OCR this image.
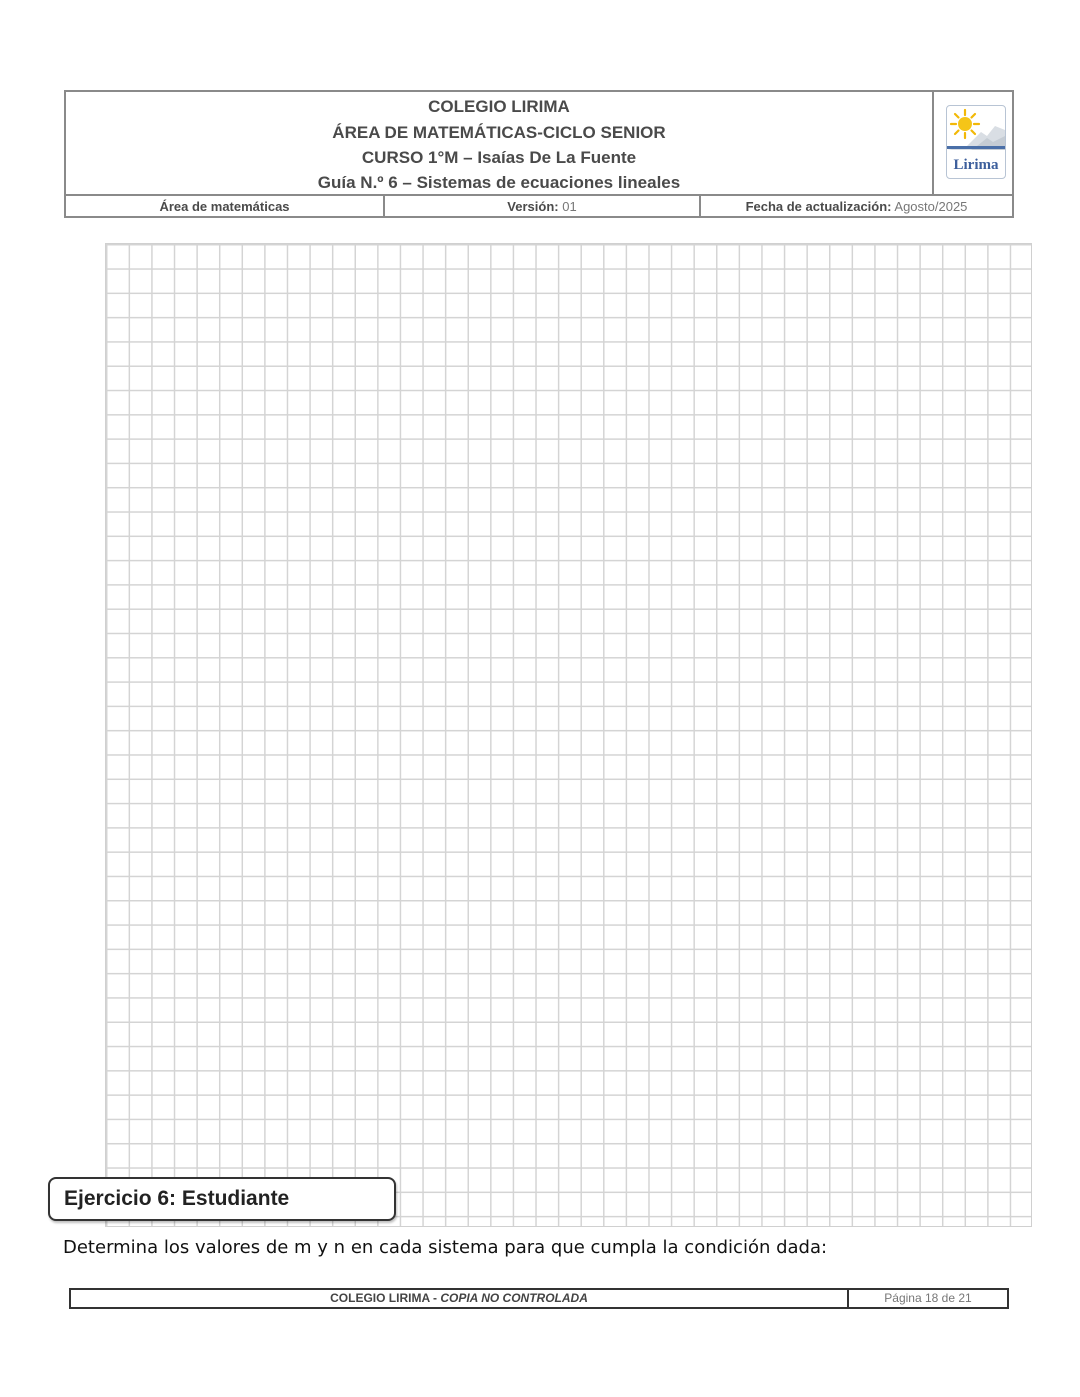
COLEGIO LIRIMA
ÁREA DE MATEMÁTICAS-CICLO SENIOR
CURSO 1°M – Isaías De La Fuente
Guía N.º 6 – Sistemas de ecuaciones lineales
Lirima
Área de matemáticas	Versión: 01	Fecha de actualización: Agosto/2025
Ejercicio 6: Estudiante
Determina los valores de m y n en cada sistema para que cumpla la condición dada:
COLEGIO LIRIMA - COPIA NO CONTROLADA	Página 18 de 21
